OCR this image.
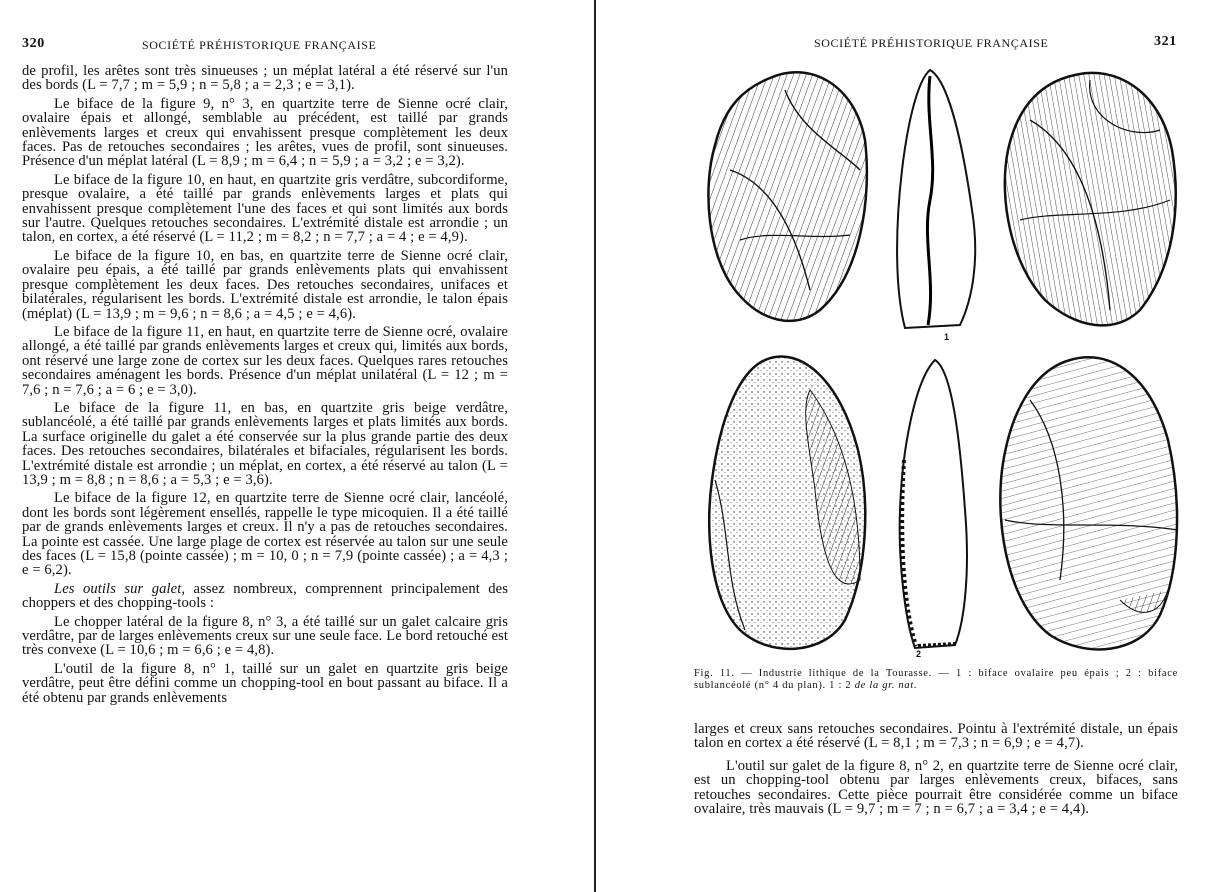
320	SOCIÉTÉ PRÉHISTORIQUE FRANÇAISE

de profil, les arêtes sont très sinueuses ; un méplat latéral a été réservé sur l'un des bords (L = 7,7 ; m = 5,9 ; n = 5,8 ; a = 2,3 ; e = 3,1).

Le biface de la figure 9, n° 3, en quartzite terre de Sienne ocré clair, ovalaire épais et allongé, semblable au précédent, est taillé par grands enlèvements larges et creux qui envahissent presque complètement les deux faces. Pas de retouches secondaires ; les arêtes, vues de profil, sont sinueuses. Présence d'un méplat latéral (L = 8,9 ; m = 6,4 ; n = 5,9 ; a = 3,2 ; e = 3,2).

Le biface de la figure 10, en haut, en quartzite gris verdâtre, subcordiforme, presque ovalaire, a été taillé par grands enlèvements larges et plats qui envahissent presque complètement l'une des faces et qui sont limités aux bords sur l'autre. Quelques retouches secondaires. L'extrémité distale est arrondie ; un talon, en cortex, a été réservé (L = 11,2 ; m = 8,2 ; n = 7,7 ; a = 4 ; e = 4,9).

Le biface de la figure 10, en bas, en quartzite terre de Sienne ocré clair, ovalaire peu épais, a été taillé par grands enlèvements plats qui envahissent presque complètement les deux faces. Des retouches secondaires, unifaces et bilatérales, régularisent les bords. L'extrémité distale est arrondie, le talon épais (méplat) (L = 13,9 ; m = 9,6 ; n = 8,6 ; a = 4,5 ; e = 4,6).

Le biface de la figure 11, en haut, en quartzite terre de Sienne ocré, ovalaire allongé, a été taillé par grands enlèvements larges et creux qui, limités aux bords, ont réservé une large zone de cortex sur les deux faces. Quelques rares retouches secondaires aménagent les bords. Présence d'un méplat unilatéral (L = 12 ; m = 7,6 ; n = 7,6 ; a = 6 ; e = 3,0).

Le biface de la figure 11, en bas, en quartzite gris beige verdâtre, sublancéolé, a été taillé par grands enlèvements larges et plats limités aux bords. La surface originelle du galet a été conservée sur la plus grande partie des deux faces. Des retouches secondaires, bilatérales et bifaciales, régularisent les bords. L'extrémité distale est arrondie ; un méplat, en cortex, a été réservé au talon (L = 13,9 ; m = 8,8 ; n = 8,6 ; a = 5,3 ; e = 3,6).

Le biface de la figure 12, en quartzite terre de Sienne ocré clair, lancéolé, dont les bords sont légèrement ensellés, rappelle le type micoquien. Il a été taillé par de grands enlèvements larges et creux. Il n'y a pas de retouches secondaires. La pointe est cassée. Une large plage de cortex est réservée au talon sur une seule des faces (L = 15,8 (pointe cassée) ; m = 10, 0 ; n = 7,9 (pointe cassée) ; a = 4,3 ; e = 6,2).

Les outils sur galet, assez nombreux, comprennent principalement des choppers et des chopping-tools :

Le chopper latéral de la figure 8, n° 3, a été taillé sur un galet calcaire gris verdâtre, par de larges enlèvements creux sur une seule face. Le bord retouché est très convexe (L = 10,6 ; m = 6,6 ; e = 4,8).

L'outil de la figure 8, n° 1, taillé sur un galet en quartzite gris beige verdâtre, peut être défini comme un chopping-tool en bout passant au biface. Il a été obtenu par grands enlèvements

SOCIÉTÉ PRÉHISTORIQUE FRANÇAISE	321
1
2
Fig. 11. — Industrie lithique de la Tourasse. — 1 : biface ovalaire peu épais ; 2 : biface sublancéolé (n° 4 du plan). 1 : 2 de la gr. nat.

larges et creux sans retouches secondaires. Pointu à l'extrémité distale, un épais talon en cortex a été réservé (L = 8,1 ; m = 7,3 ; n = 6,9 ; e = 4,7).

L'outil sur galet de la figure 8, n° 2, en quartzite terre de Sienne ocré clair, est un chopping-tool obtenu par larges enlèvements creux, bifaces, sans retouches secondaires. Cette pièce pourrait être considérée comme un biface ovalaire, très mauvais (L = 9,7 ; m = 7 ; n = 6,7 ; a = 3,4 ; e = 4,4).
